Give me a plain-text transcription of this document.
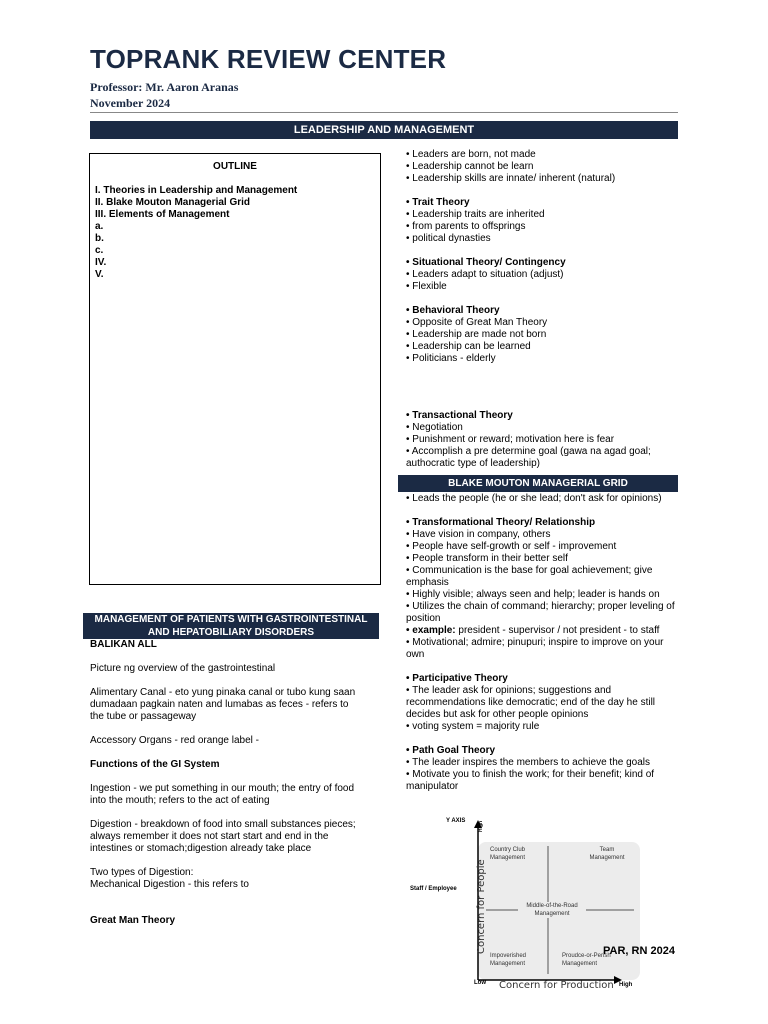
TOPRANK REVIEW CENTER
Professor: Mr. Aaron Aranas
November 2024
LEADERSHIP AND MANAGEMENT
OUTLINE
I. Theories in Leadership and Management
II. Blake Mouton Managerial Grid
III. Elements of Management
a.
b.
c.
IV.
V.

• Leaders are born, not made

• Leadership cannot be learn

• Leadership skills are innate/ inherent (natural)

• Trait Theory

• Leadership traits are inherited

• from parents to offsprings

• political dynasties

• Situational Theory/ Contingency

• Leaders adapt to situation (adjust)

• Flexible

• Behavioral Theory

• Opposite of Great Man Theory

• Leadership are made not born

• Leadership can be learned

• Politicians - elderly

• Transactional Theory

• Negotiation

• Punishment or reward; motivation here is fear

• Accomplish a pre determine goal (gawa na agad goal; authocratic type of leadership)

BLAKE MOUTON MANAGERIAL GRID

• Leads the people (he or she lead; don't ask for opinions)

• Transformational Theory/ Relationship

• Have vision in company, others

• People have self-growth or self - improvement

• People transform in their better self

• Communication is the base for goal achievement; give emphasis

• Highly visible; always seen and help; leader is hands on

• Utilizes the chain of command; hierarchy; proper leveling of position

• example: president - supervisor / not president - to staff

• Motivational; admire; pinupuri; inspire to improve on your own

• Participative Theory

• The leader ask for opinions; suggestions and recommendations like democratic; end of the day he still decides but ask for other people opinions

• voting system = majority rule

• Path Goal Theory

• The leader inspires the members to achieve the goals

• Motivate you to finish the work; for their benefit; kind of manipulator

MANAGEMENT OF PATIENTS WITH GASTROINTESTINAL AND HEPATOBILIARY DISORDERS

BALIKAN ALL

Picture ng overview of the gastrointestinal

Alimentary Canal - eto yung pinaka canal or tubo kung saan dumadaan pagkain naten and lumabas as feces - refers to the tube or passageway

Accessory Organs - red orange label -

Functions of the GI System

Ingestion - we put something in our mouth; the entry of food into the mouth; refers to the act of eating

Digestion - breakdown of food into small substances pieces; always remember it does not start start and end in the intestines or stomach;digestion already take place

Two types of Digestion:

Mechanical Digestion - this refers to

Great Man Theory

Y AXIS	High
Staff / Employee Concern for People
Concern for Production
Low	High
Country Club Management
Team Management
Middle-of-the-Road Management
Impoverished Management
Proudce-or-Perish Management
PAR, RN 2024
